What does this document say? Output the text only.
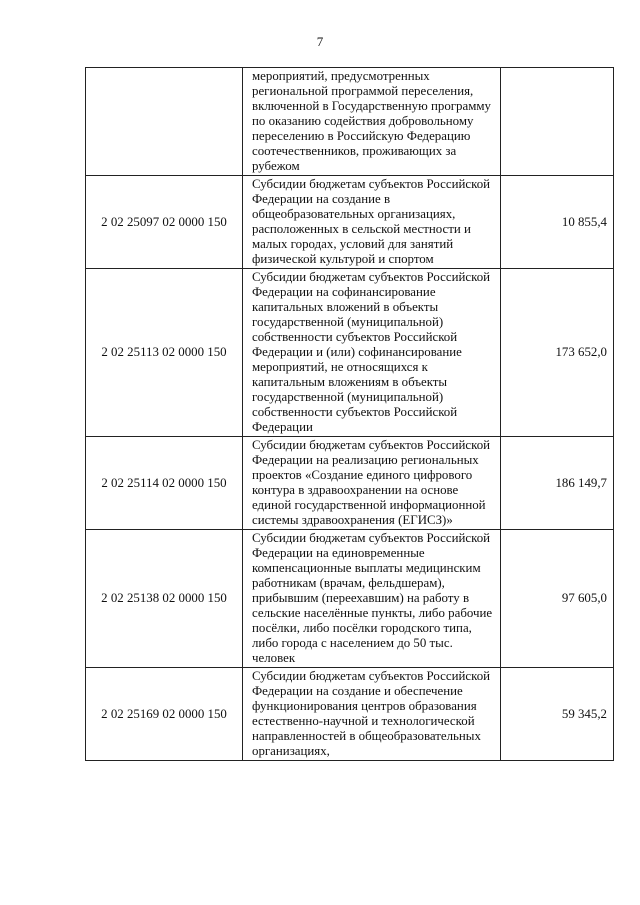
7
	мероприятий, предусмотренных региональной программой переселения, включенной в Государственную программу по оказанию содействия добровольному переселению в Российскую Федерацию соотечественников, проживающих за рубежом	
2 02 25097 02 0000 150	Субсидии бюджетам субъектов Российской Федерации на создание в общеобразовательных организациях, расположенных в сельской местности и малых городах, условий для занятий физической культурой и спортом	10 855,4
2 02 25113 02 0000 150	Субсидии бюджетам субъектов Российской Федерации на софинансирование капитальных вложений в объекты государственной (муниципальной) собственности субъектов Российской Федерации и (или) софинансирование мероприятий, не относящихся к капитальным вложениям в объекты государственной (муниципальной) собственности субъектов Российской Федерации	173 652,0
2 02 25114 02 0000 150	Субсидии бюджетам субъектов Российской Федерации на реализацию региональных проектов «Создание единого цифрового контура в здравоохранении на основе единой государственной информационной системы здравоохранения (ЕГИСЗ)»	186 149,7
2 02 25138 02 0000 150	Субсидии бюджетам субъектов Российской Федерации на единовременные компенсационные выплаты медицинским работникам (врачам, фельдшерам), прибывшим (переехавшим) на работу в сельские населённые пункты, либо рабочие посёлки, либо посёлки городского типа, либо города с населением до 50 тыс. человек	97 605,0
2 02 25169 02 0000 150	Субсидии бюджетам субъектов Российской Федерации на создание и обеспечение функционирования центров образования естественно-научной и технологической направленностей в общеобразовательных организациях,	59 345,2
